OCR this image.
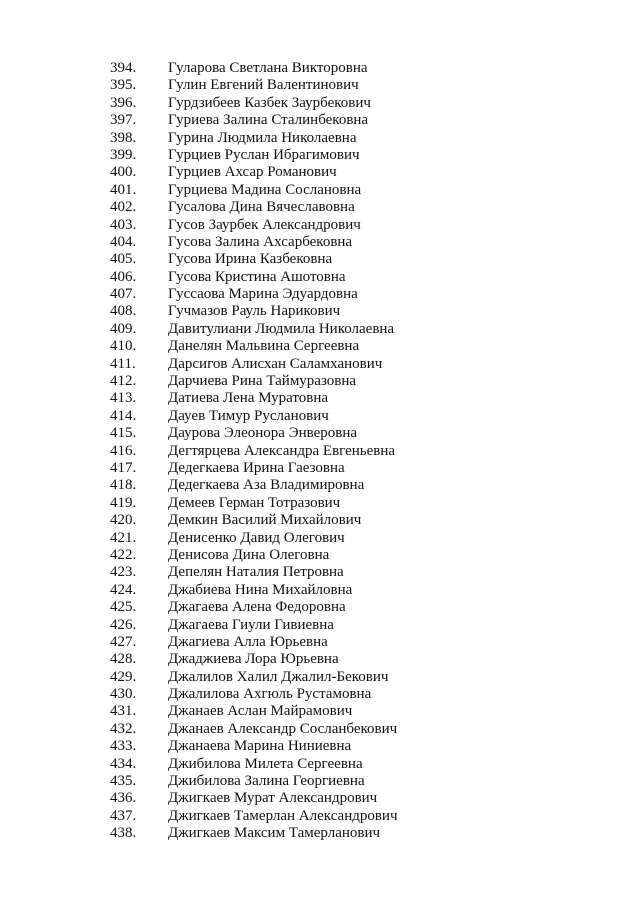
394. Гуларова Светлана Викторовна
395. Гулин Евгений Валентинович
396. Гурдзибеев Казбек Заурбекович
397. Гуриева Залина Сталинбековна
398. Гурина Людмила Николаевна
399. Гурциев Руслан Ибрагимович
400. Гурциев Ахсар Романович
401. Гурциева Мадина Сослановна
402. Гусалова Дина Вячеславовна
403. Гусов Заурбек Александрович
404. Гусова Залина Ахсарбековна
405. Гусова Ирина Казбековна
406. Гусова Кристина Ашотовна
407. Гуссаова Марина Эдуардовна
408. Гучмазов Рауль Нарикович
409. Давитулиани Людмила Николаевна
410. Данелян Мальвина Сергеевна
411. Дарсигов Алисхан Саламханович
412. Дарчиева Рина Таймуразовна
413. Датиева Лена Муратовна
414. Дауев Тимур Русланович
415. Даурова Элеонора Энверовна
416. Дегтярцева Александра Евгеньевна
417. Дедегкаева Ирина Гаезовна
418. Дедегкаева Аза Владимировна
419. Демеев Герман Тотразович
420. Демкин Василий Михайлович
421. Денисенко Давид Олегович
422. Денисова Дина Олеговна
423. Депелян Наталия Петровна
424. Джабиева Нина Михайловна
425. Джагаева Алена Федоровна
426. Джагаева Гиули Гивиевна
427. Джагиева Алла Юрьевна
428. Джаджиева Лора Юрьевна
429. Джалилов Халил Джалил-Бекович
430. Джалилова Ахгюль Рустамовна
431. Джанаев Аслан Майрамович
432. Джанаев Александр Сосланбекович
433. Джанаева Марина Ниниевна
434. Джибилова Милета Сергеевна
435. Джибилова Залина Георгиевна
436. Джигкаев Мурат Александрович
437. Джигкаев Тамерлан Александрович
438. Джигкаев Максим Тамерланович
